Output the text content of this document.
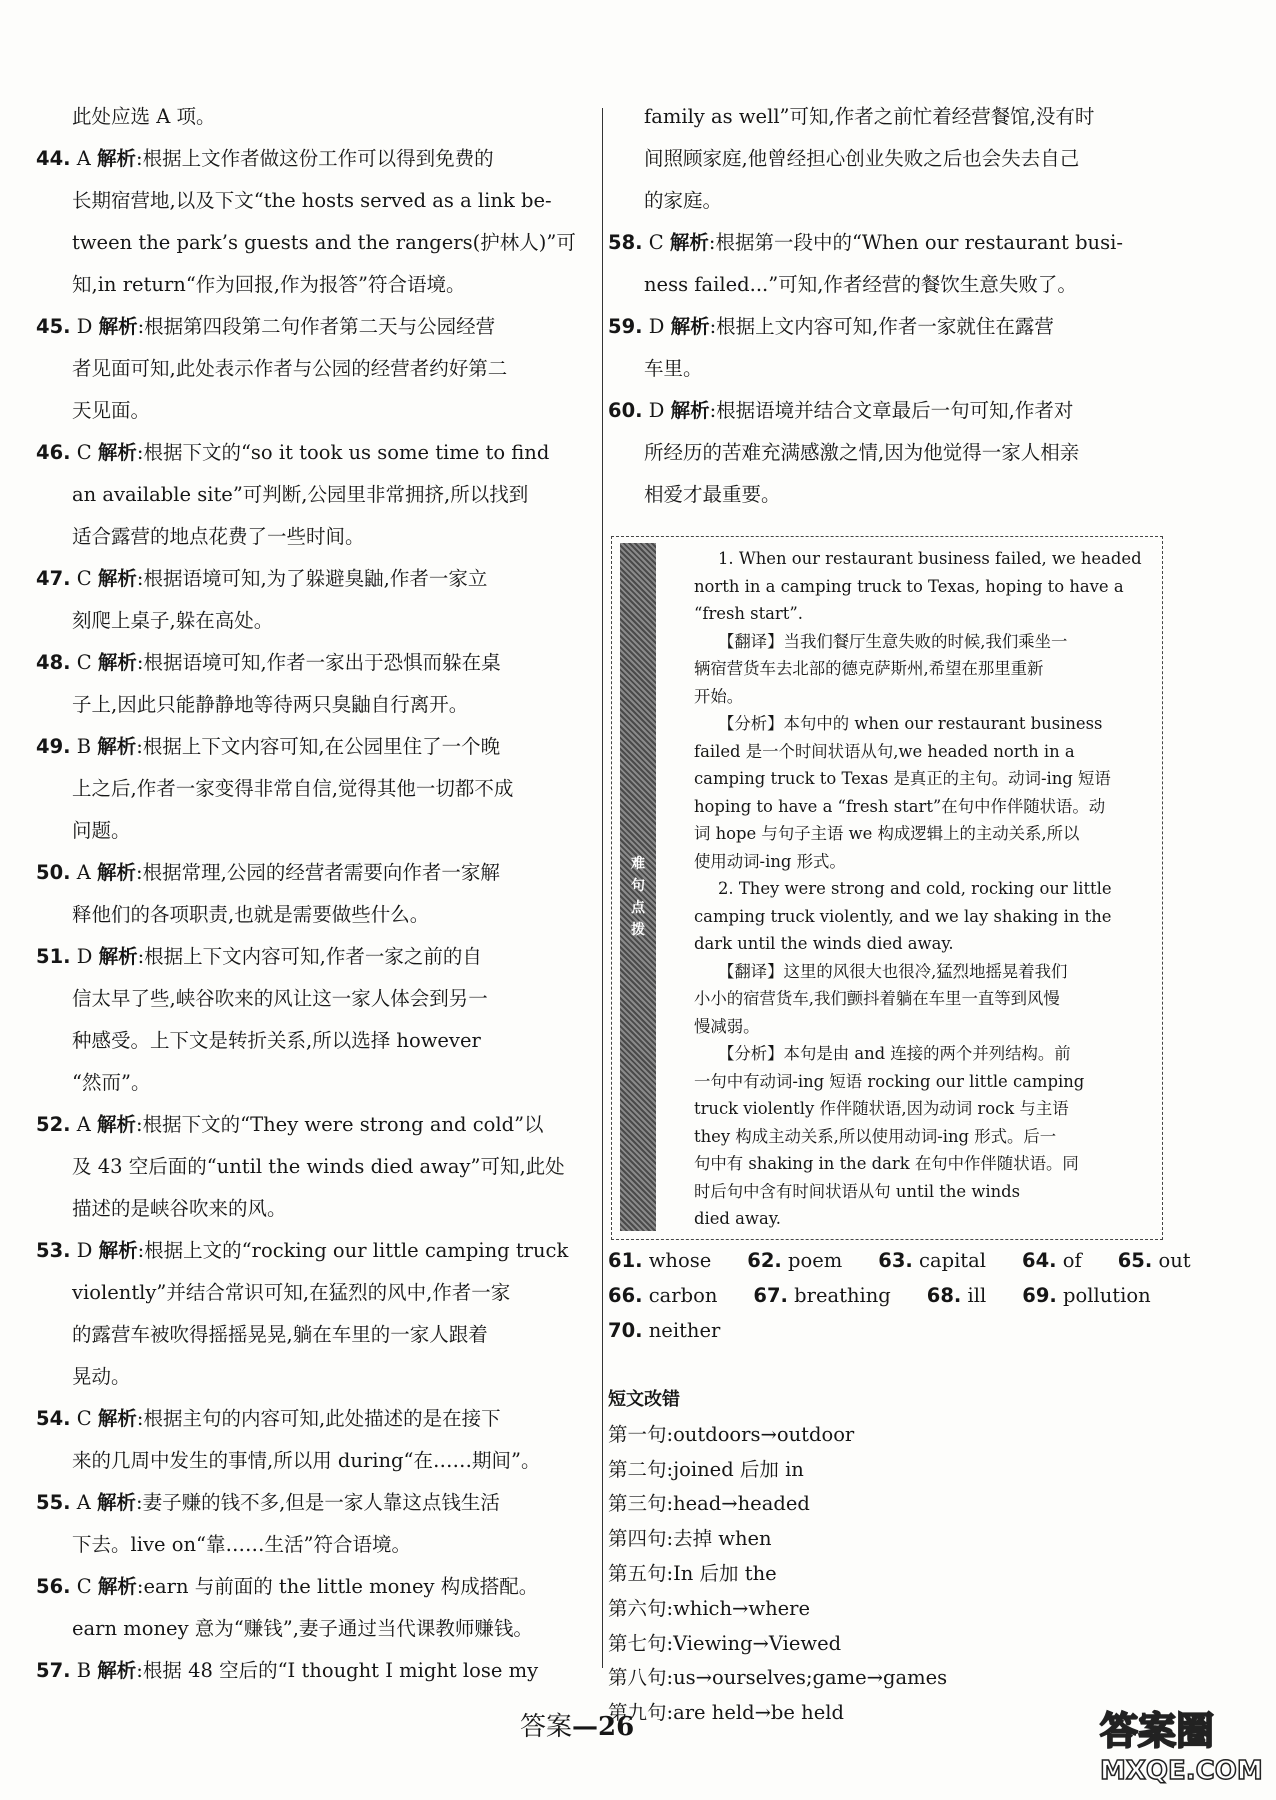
此处应选 A 项。
44. A 解析:根据上文作者做这份工作可以得到免费的
长期宿营地,以及下文“the hosts served as a link be-
tween the park’s guests and the rangers(护林人)”可
知,in return“作为回报,作为报答”符合语境。
45. D 解析:根据第四段第二句作者第二天与公园经营
者见面可知,此处表示作者与公园的经营者约好第二
天见面。
46. C 解析:根据下文的“so it took us some time to find
an available site”可判断,公园里非常拥挤,所以找到
适合露营的地点花费了一些时间。
47. C 解析:根据语境可知,为了躲避臭鼬,作者一家立
刻爬上桌子,躲在高处。
48. C 解析:根据语境可知,作者一家出于恐惧而躲在桌
子上,因此只能静静地等待两只臭鼬自行离开。
49. B 解析:根据上下文内容可知,在公园里住了一个晚
上之后,作者一家变得非常自信,觉得其他一切都不成
问题。
50. A 解析:根据常理,公园的经营者需要向作者一家解
释他们的各项职责,也就是需要做些什么。
51. D 解析:根据上下文内容可知,作者一家之前的自
信太早了些,峡谷吹来的风让这一家人体会到另一
种感受。上下文是转折关系,所以选择 however
“然而”。
52. A 解析:根据下文的“They were strong and cold”以
及 43 空后面的“until the winds died away”可知,此处
描述的是峡谷吹来的风。
53. D 解析:根据上文的“rocking our little camping truck
violently”并结合常识可知,在猛烈的风中,作者一家
的露营车被吹得摇摇晃晃,躺在车里的一家人跟着
晃动。
54. C 解析:根据主句的内容可知,此处描述的是在接下
来的几周中发生的事情,所以用 during“在……期间”。
55. A 解析:妻子赚的钱不多,但是一家人靠这点钱生活
下去。live on“靠……生活”符合语境。
56. C 解析:earn 与前面的 the little money 构成搭配。
earn money 意为“赚钱”,妻子通过当代课教师赚钱。
57. B 解析:根据 48 空后的“I thought I might lose my
family as well”可知,作者之前忙着经营餐馆,没有时
间照顾家庭,他曾经担心创业失败之后也会失去自己
的家庭。
58. C 解析:根据第一段中的“When our restaurant busi-
ness failed...”可知,作者经营的餐饮生意失败了。
59. D 解析:根据上文内容可知,作者一家就住在露营
车里。
60. D 解析:根据语境并结合文章最后一句可知,作者对
所经历的苦难充满感激之情,因为他觉得一家人相亲
相爱才最重要。
难句点拨
1. When our restaurant business failed, we headed
north in a camping truck to Texas, hoping to have a
“fresh start”.
【翻译】当我们餐厅生意失败的时候,我们乘坐一
辆宿营货车去北部的德克萨斯州,希望在那里重新
开始。
【分析】本句中的 when our restaurant business
failed 是一个时间状语从句,we headed north in a
camping truck to Texas 是真正的主句。动词-ing 短语
hoping to have a “fresh start”在句中作伴随状语。动
词 hope 与句子主语 we 构成逻辑上的主动关系,所以
使用动词-ing 形式。
2. They were strong and cold, rocking our little
camping truck violently, and we lay shaking in the
dark until the winds died away.
【翻译】这里的风很大也很冷,猛烈地摇晃着我们
小小的宿营货车,我们颤抖着躺在车里一直等到风慢
慢减弱。
【分析】本句是由 and 连接的两个并列结构。前
一句中有动词-ing 短语 rocking our little camping
truck violently 作伴随状语,因为动词 rock 与主语
they 构成主动关系,所以使用动词-ing 形式。后一
句中有 shaking in the dark 在句中作伴随状语。同
时后句中含有时间状语从句 until the winds
died away.
61. whose 62. poem 63. capital 64. of 65. out
66. carbon 67. breathing 68. ill 69. pollution
70. neither
短文改错
第一句:outdoors→outdoor
第二句:joined 后加 in
第三句:head→headed
第四句:去掉 when
第五句:In 后加 the
第六句:which→where
第七句:Viewing→Viewed
第八句:us→ourselves;game→games
第九句:are held→be held
答案—26	答案圈
MXQE.COM
